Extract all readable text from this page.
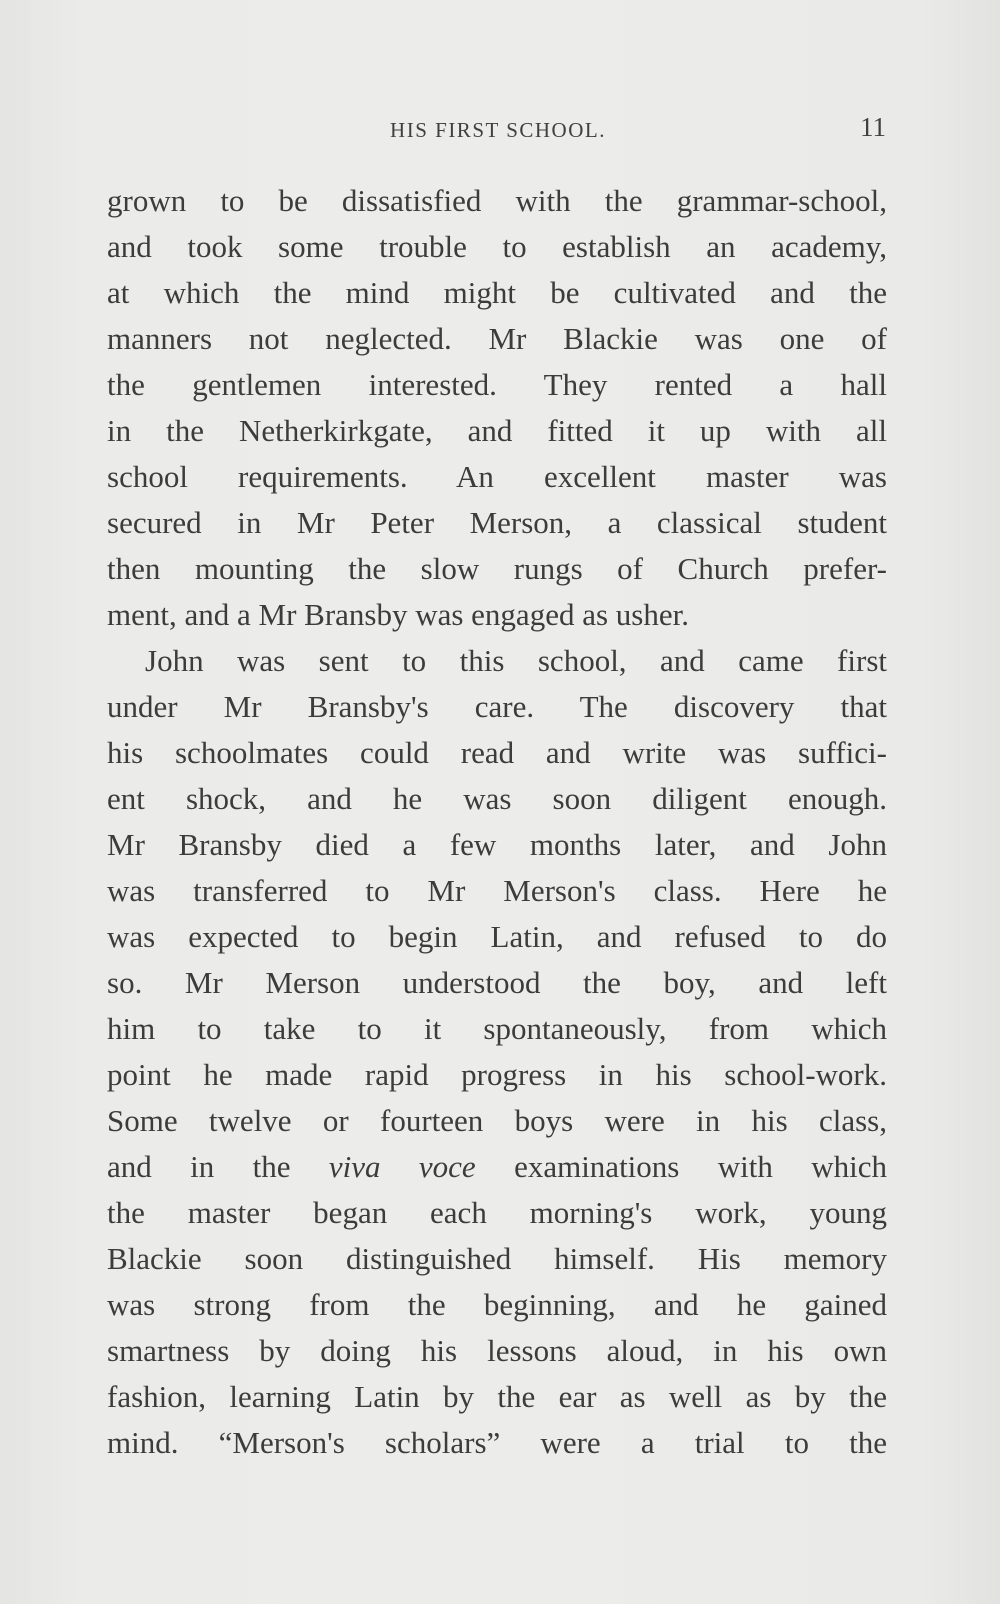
HIS FIRST SCHOOL.	11
grown to be dissatisfied with the grammar-school,
and took some trouble to establish an academy,
at which the mind might be cultivated and the
manners not neglected. Mr Blackie was one of
the gentlemen interested. They rented a hall
in the Netherkirkgate, and fitted it up with all
school requirements. An excellent master was
secured in Mr Peter Merson, a classical student
then mounting the slow rungs of Church prefer-
ment, and a Mr Bransby was engaged as usher.
John was sent to this school, and came first
under Mr Bransby's care. The discovery that
his schoolmates could read and write was suffici-
ent shock, and he was soon diligent enough.
Mr Bransby died a few months later, and John
was transferred to Mr Merson's class. Here he
was expected to begin Latin, and refused to do
so. Mr Merson understood the boy, and left
him to take to it spontaneously, from which
point he made rapid progress in his school-work.
Some twelve or fourteen boys were in his class,
and in the viva voce examinations with which
the master began each morning's work, young
Blackie soon distinguished himself. His memory
was strong from the beginning, and he gained
smartness by doing his lessons aloud, in his own
fashion, learning Latin by the ear as well as by the
mind. “Merson's scholars” were a trial to the
